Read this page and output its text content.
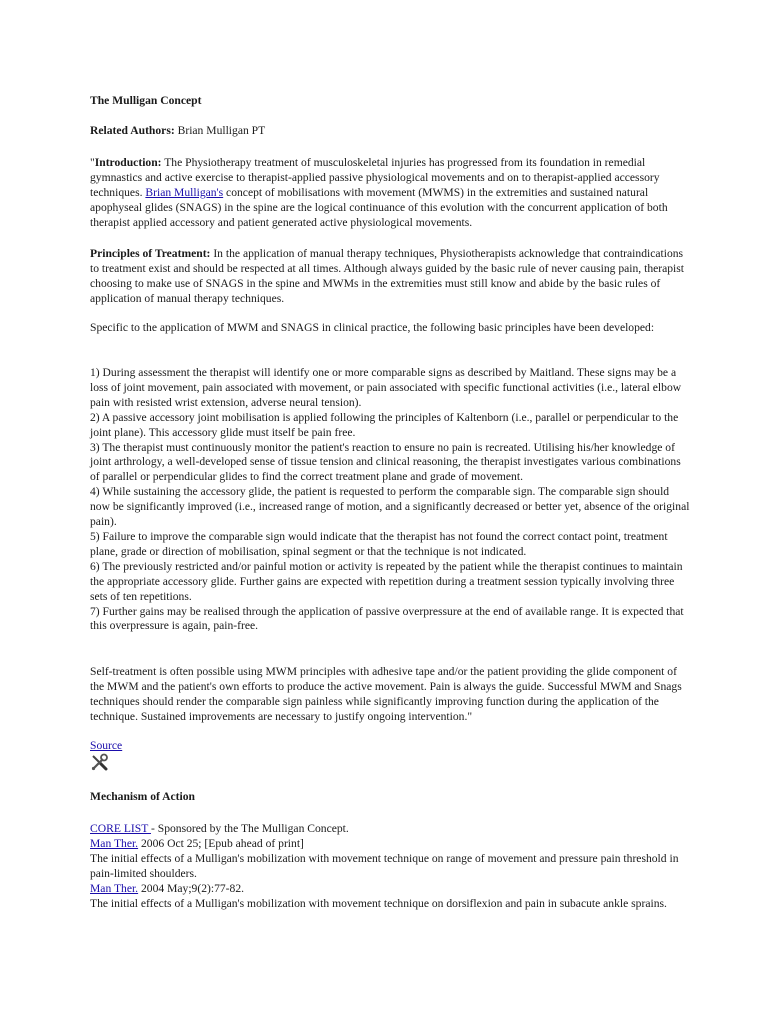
The Mulligan Concept

Related Authors: Brian Mulligan PT

"Introduction: The Physiotherapy treatment of musculoskeletal injuries has progressed from its foundation in remedial gymnastics and active exercise to therapist-applied passive physiological movements and on to therapist-applied accessory techniques. Brian Mulligan's concept of mobilisations with movement (MWMS) in the extremities and sustained natural apophyseal glides (SNAGS) in the spine are the logical continuance of this evolution with the concurrent application of both therapist applied accessory and patient generated active physiological movements.

Principles of Treatment: In the application of manual therapy techniques, Physiotherapists acknowledge that contraindications to treatment exist and should be respected at all times. Although always guided by the basic rule of never causing pain, therapist choosing to make use of SNAGS in the spine and MWMs in the extremities must still know and abide by the basic rules of application of manual therapy techniques.

Specific to the application of MWM and SNAGS in clinical practice, the following basic principles have been developed:

1) During assessment the therapist will identify one or more comparable signs as described by Maitland. These signs may be a loss of joint movement, pain associated with movement, or pain associated with specific functional activities (i.e., lateral elbow pain with resisted wrist extension, adverse neural tension).
2) A passive accessory joint mobilisation is applied following the principles of Kaltenborn (i.e., parallel or perpendicular to the joint plane). This accessory glide must itself be pain free.
3) The therapist must continuously monitor the patient's reaction to ensure no pain is recreated. Utilising his/her knowledge of joint arthrology, a well-developed sense of tissue tension and clinical reasoning, the therapist investigates various combinations of parallel or perpendicular glides to find the correct treatment plane and grade of movement.
4) While sustaining the accessory glide, the patient is requested to perform the comparable sign. The comparable sign should now be significantly improved (i.e., increased range of motion, and a significantly decreased or better yet, absence of the original pain).
5) Failure to improve the comparable sign would indicate that the therapist has not found the correct contact point, treatment plane, grade or direction of mobilisation, spinal segment or that the technique is not indicated.
6) The previously restricted and/or painful motion or activity is repeated by the patient while the therapist continues to maintain the appropriate accessory glide. Further gains are expected with repetition during a treatment session typically involving three sets of ten repetitions.
7) Further gains may be realised through the application of passive overpressure at the end of available range. It is expected that this overpressure is again, pain-free.

Self-treatment is often possible using MWM principles with adhesive tape and/or the patient providing the glide component of the MWM and the patient's own efforts to produce the active movement. Pain is always the guide. Successful MWM and Snags techniques should render the comparable sign painless while significantly improving function during the application of the technique. Sustained improvements are necessary to justify ongoing intervention."

Source

Mechanism of Action

CORE LIST - Sponsored by the The Mulligan Concept.
Man Ther. 2006 Oct 25; [Epub ahead of print]
The initial effects of a Mulligan's mobilization with movement technique on range of movement and pressure pain threshold in pain-limited shoulders.
Man Ther. 2004 May;9(2):77-82.
The initial effects of a Mulligan's mobilization with movement technique on dorsiflexion and pain in subacute ankle sprains.
